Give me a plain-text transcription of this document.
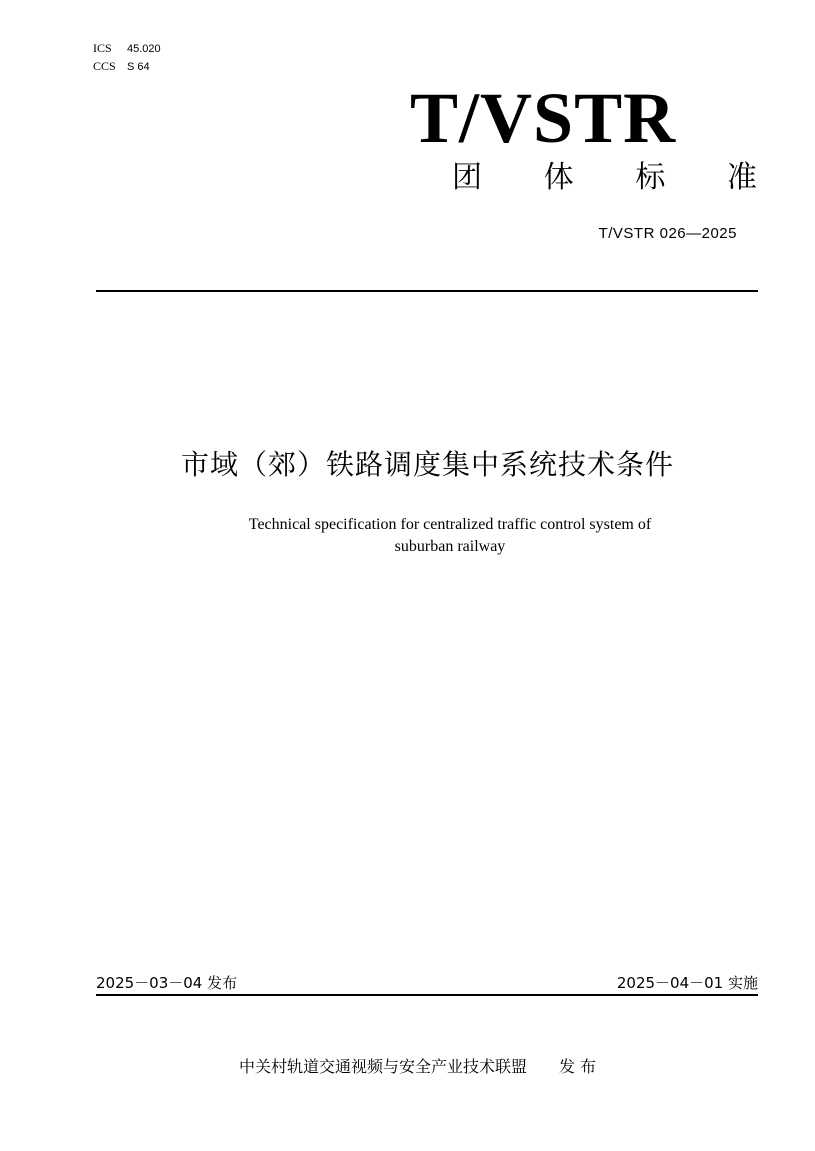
ICS 45.020
CCS S 64
T/VSTR
团 体 标 准
T/VSTR 026—2025
市域（郊）铁路调度集中系统技术条件
Technical specification for centralized traffic control system of
suburban railway
2025－03－04 发布	2025－04－01 实施
中关村轨道交通视频与安全产业技术联盟 发 布
